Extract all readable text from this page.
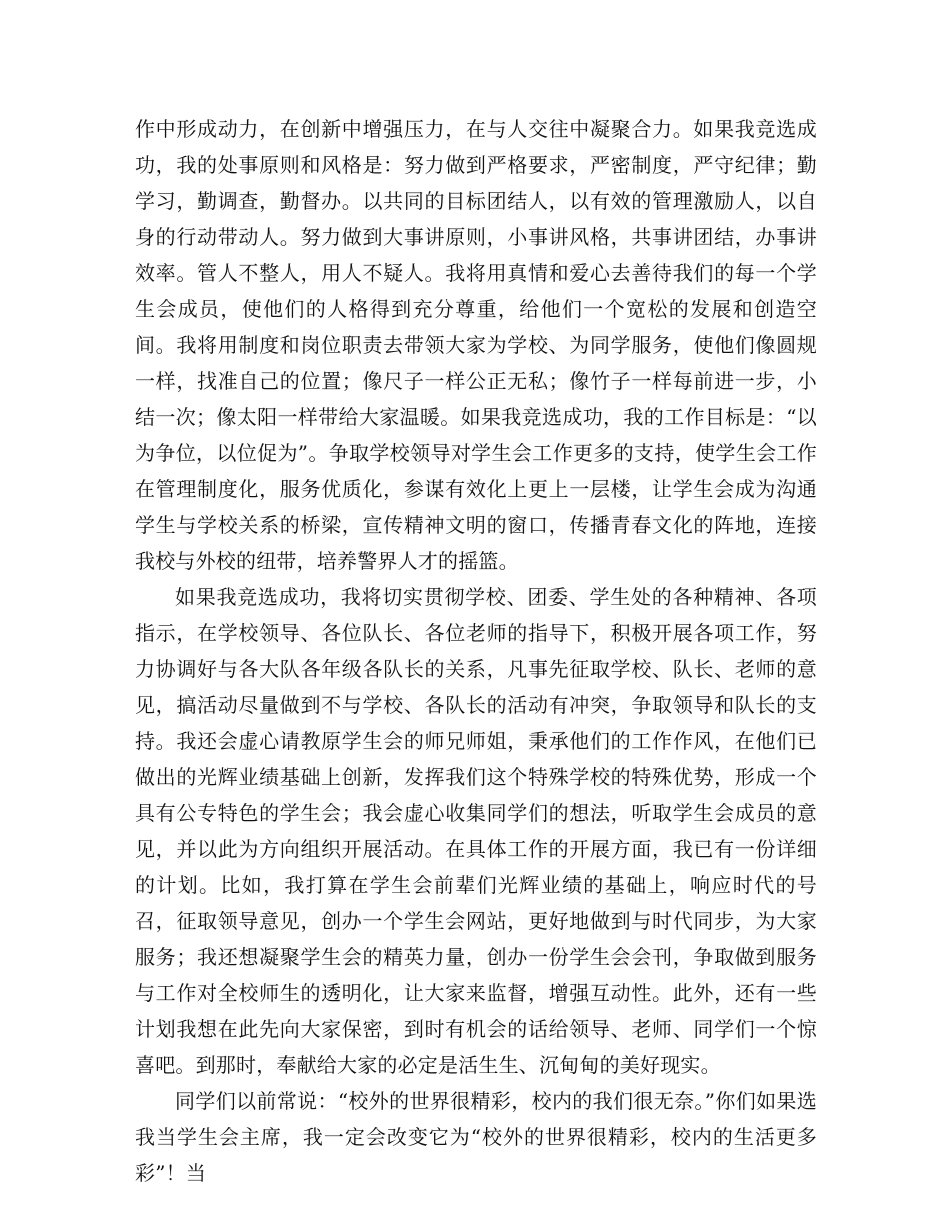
作中形成动力，在创新中增强压力，在与人交往中凝聚合力。如果我竞选成功，我的处事原则和风格是：努力做到严格要求，严密制度，严守纪律；勤学习，勤调查，勤督办。以共同的目标团结人，以有效的管理激励人，以自身的行动带动人。努力做到大事讲原则，小事讲风格，共事讲团结，办事讲效率。管人不整人，用人不疑人。我将用真情和爱心去善待我们的每一个学生会成员，使他们的人格得到充分尊重，给他们一个宽松的发展和创造空间。我将用制度和岗位职责去带领大家为学校、为同学服务，使他们像圆规一样，找准自己的位置；像尺子一样公正无私；像竹子一样每前进一步，小结一次；像太阳一样带给大家温暖。如果我竞选成功，我的工作目标是：“以为争位，以位促为”。争取学校领导对学生会工作更多的支持，使学生会工作在管理制度化，服务优质化，参谋有效化上更上一层楼，让学生会成为沟通学生与学校关系的桥梁，宣传精神文明的窗口，传播青春文化的阵地，连接我校与外校的纽带，培养警界人才的摇篮。

如果我竞选成功，我将切实贯彻学校、团委、学生处的各种精神、各项指示，在学校领导、各位队长、各位老师的指导下，积极开展各项工作，努力协调好与各大队各年级各队长的关系，凡事先征取学校、队长、老师的意见，搞活动尽量做到不与学校、各队长的活动有冲突，争取领导和队长的支持。我还会虚心请教原学生会的师兄师姐，秉承他们的工作作风，在他们已做出的光辉业绩基础上创新，发挥我们这个特殊学校的特殊优势，形成一个具有公专特色的学生会；我会虚心收集同学们的想法，听取学生会成员的意见，并以此为方向组织开展活动。在具体工作的开展方面，我已有一份详细的计划。比如，我打算在学生会前辈们光辉业绩的基础上，响应时代的号召，征取领导意见，创办一个学生会网站，更好地做到与时代同步，为大家服务；我还想凝聚学生会的精英力量，创办一份学生会会刊，争取做到服务与工作对全校师生的透明化，让大家来监督，增强互动性。此外，还有一些计划我想在此先向大家保密，到时有机会的话给领导、老师、同学们一个惊喜吧。到那时，奉献给大家的必定是活生生、沉甸甸的美好现实。

同学们以前常说：“校外的世界很精彩，校内的我们很无奈。”你们如果选我当学生会主席，我一定会改变它为“校外的世界很精彩，校内的生活更多彩”！当
